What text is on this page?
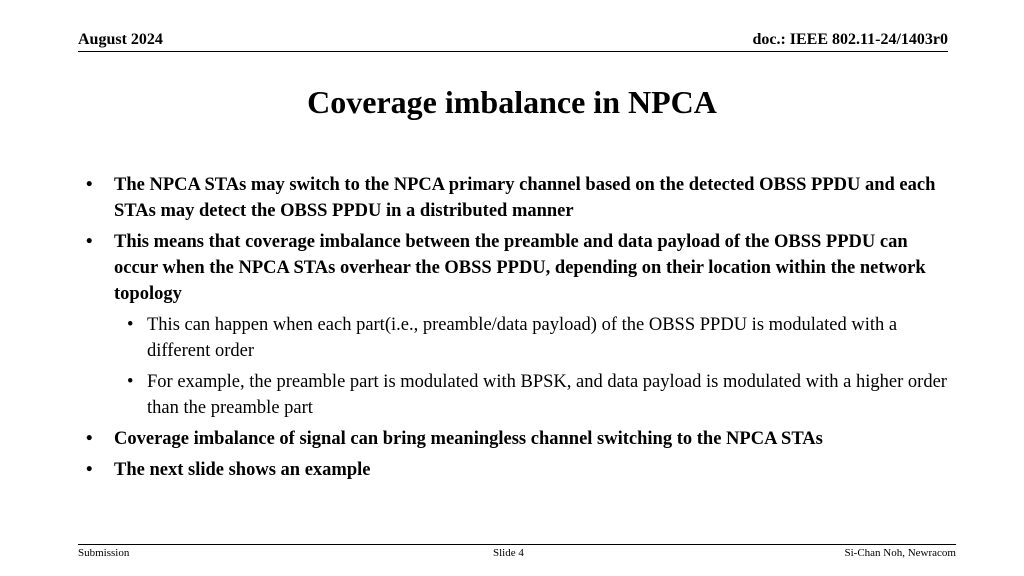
August 2024	doc.: IEEE 802.11-24/1403r0
Coverage imbalance in NPCA
• The NPCA STAs may switch to the NPCA primary channel based on the detected OBSS PPDU and each STAs may detect the OBSS PPDU in a distributed manner
• This means that coverage imbalance between the preamble and data payload of the OBSS PPDU can occur when the NPCA STAs overhear the OBSS PPDU, depending on their location within the network topology
• This can happen when each part(i.e., preamble/data payload) of the OBSS PPDU is modulated with a different order
• For example, the preamble part is modulated with BPSK, and data payload is modulated with a higher order than the preamble part
• Coverage imbalance of signal can bring meaningless channel switching to the NPCA STAs
• The next slide shows an example
Submission	Slide 4	Si-Chan Noh, Newracom
